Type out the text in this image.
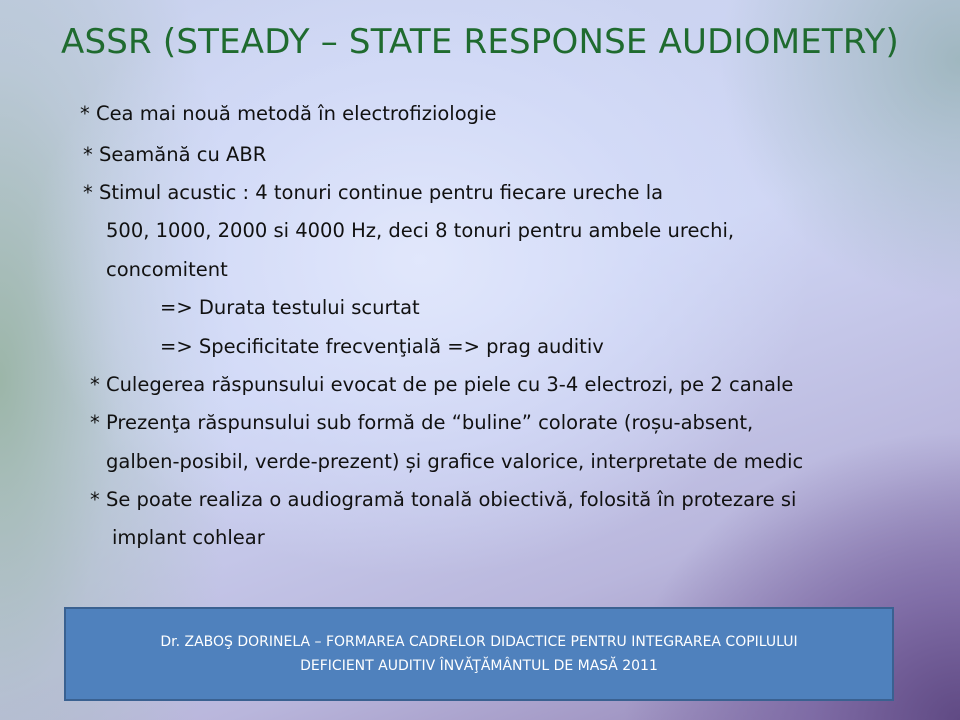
ASSR (STEADY – STATE RESPONSE AUDIOMETRY)
* Cea mai nouă metodă în electrofiziologie
* Seamănă cu ABR
* Stimul acustic : 4 tonuri continue pentru fiecare ureche la
500, 1000, 2000 si 4000 Hz, deci 8 tonuri pentru ambele urechi,
concomitent
=> Durata testului scurtat
=> Specificitate frecvenţială => prag auditiv
* Culegerea răspunsului evocat de pe piele cu 3-4 electrozi, pe 2 canale
* Prezenţa răspunsului sub formă de “buline” colorate (roșu-absent,
galben-posibil, verde-prezent) și grafice valorice, interpretate de medic
* Se poate realiza o audiogramă tonală obiectivă, folosită în protezare si
implant cohlear
Dr. ZABOŞ DORINELA – FORMAREA CADRELOR DIDACTICE PENTRU INTEGRAREA COPILULUI
DEFICIENT AUDITIV ÎNVĂŢĂMÂNTUL DE MASĂ 2011
